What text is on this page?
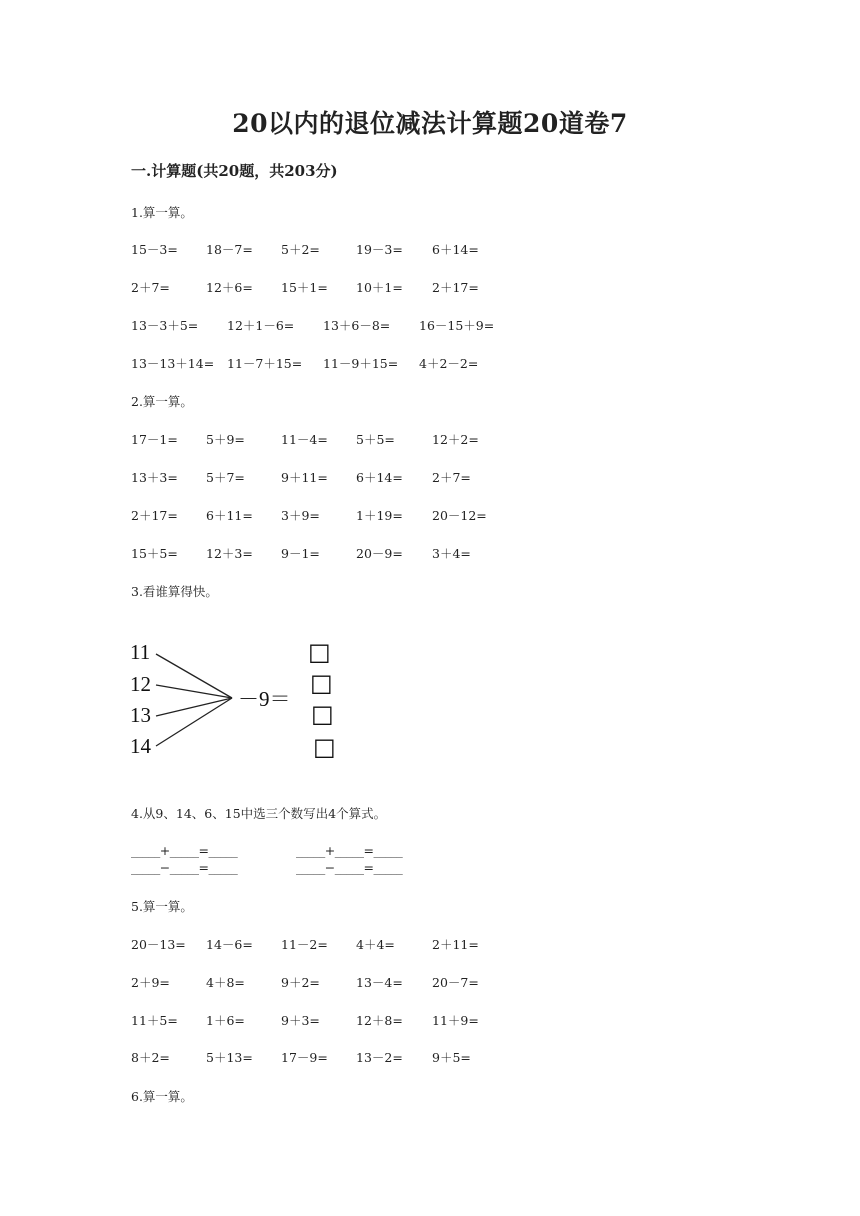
20以内的退位减法计算题20道卷7
一.计算题(共20题，共203分)
1.算一算。
15－3= 18－7= 5＋2=	19－3= 6＋14=
2＋7=	12＋6= 15＋1= 10＋1= 2＋17=
13－3＋5= 12＋1－6= 13＋6－8= 16－15＋9=
13－13＋14= 11－7＋15= 11－9＋15= 4＋2－2=
2.算一算。
17－1= 5＋9=	11－4= 5＋5=	12＋2=
13＋3= 5＋7=	9＋11= 6＋14= 2＋7=
2＋17= 6＋11= 3＋9=	1＋19= 20－12=
15＋5= 12＋3= 9－1=	20－9= 3＋4=
3.看谁算得快。
11
12
13
14
－9＝
□
□
□
□
4.从9、14、6、15中选三个数写出4个算式。
_____+_____=_____	_____+_____=_____
_____−_____=_____	_____−_____=_____
5.算一算。
20－13= 14－6= 11－2= 4＋4=	2＋11=
2＋9=	4＋8=	9＋2=	13－4= 20－7=
11＋5= 1＋6=	9＋3=	12＋8= 11＋9=
8＋2=	5＋13= 17－9= 13－2= 9＋5=
6.算一算。
